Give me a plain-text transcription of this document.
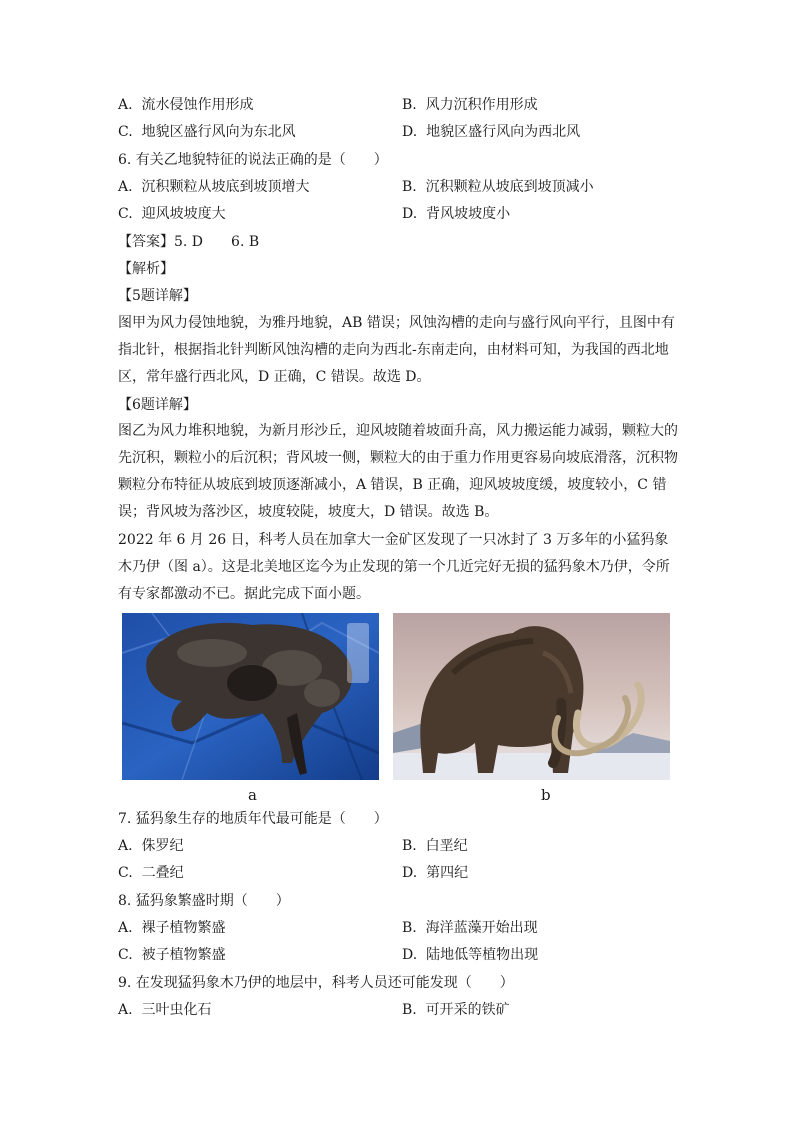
A. 流水侵蚀作用形成	B. 风力沉积作用形成
C. 地貌区盛行风向为东北风	D. 地貌区盛行风向为西北风
6. 有关乙地貌特征的说法正确的是（　　）
A. 沉积颗粒从坡底到坡顶增大	B. 沉积颗粒从坡底到坡顶减小
C. 迎风坡坡度大	D. 背风坡坡度小
【答案】5. D　　6. B
【解析】
【5题详解】
图甲为风力侵蚀地貌，为雅丹地貌，AB 错误；风蚀沟槽的走向与盛行风向平行，且图中有指北针，根据指北针判断风蚀沟槽的走向为西北-东南走向，由材料可知，为我国的西北地区，常年盛行西北风，D 正确，C 错误。故选 D。
【6题详解】
图乙为风力堆积地貌，为新月形沙丘，迎风坡随着坡面升高，风力搬运能力减弱，颗粒大的先沉积，颗粒小的后沉积；背风坡一侧，颗粒大的由于重力作用更容易向坡底滑落，沉积物颗粒分布特征从坡底到坡顶逐渐减小，A 错误，B 正确，迎风坡坡度缓，坡度较小，C 错误；背风坡为落沙区，坡度较陡，坡度大，D 错误。故选 B。
2022 年 6 月 26 日，科考人员在加拿大一金矿区发现了一只冰封了 3 万多年的小猛犸象木乃伊（图 a）。这是北美地区迄今为止发现的第一个几近完好无损的猛犸象木乃伊，令所有专家都激动不已。据此完成下面小题。
a	b
7. 猛犸象生存的地质年代最可能是（　　）
A. 侏罗纪	B. 白垩纪
C. 二叠纪	D. 第四纪
8. 猛犸象繁盛时期（　　）
A. 裸子植物繁盛	B. 海洋蓝藻开始出现
C. 被子植物繁盛	D. 陆地低等植物出现
9. 在发现猛犸象木乃伊的地层中，科考人员还可能发现（　　）
A. 三叶虫化石	B. 可开采的铁矿
